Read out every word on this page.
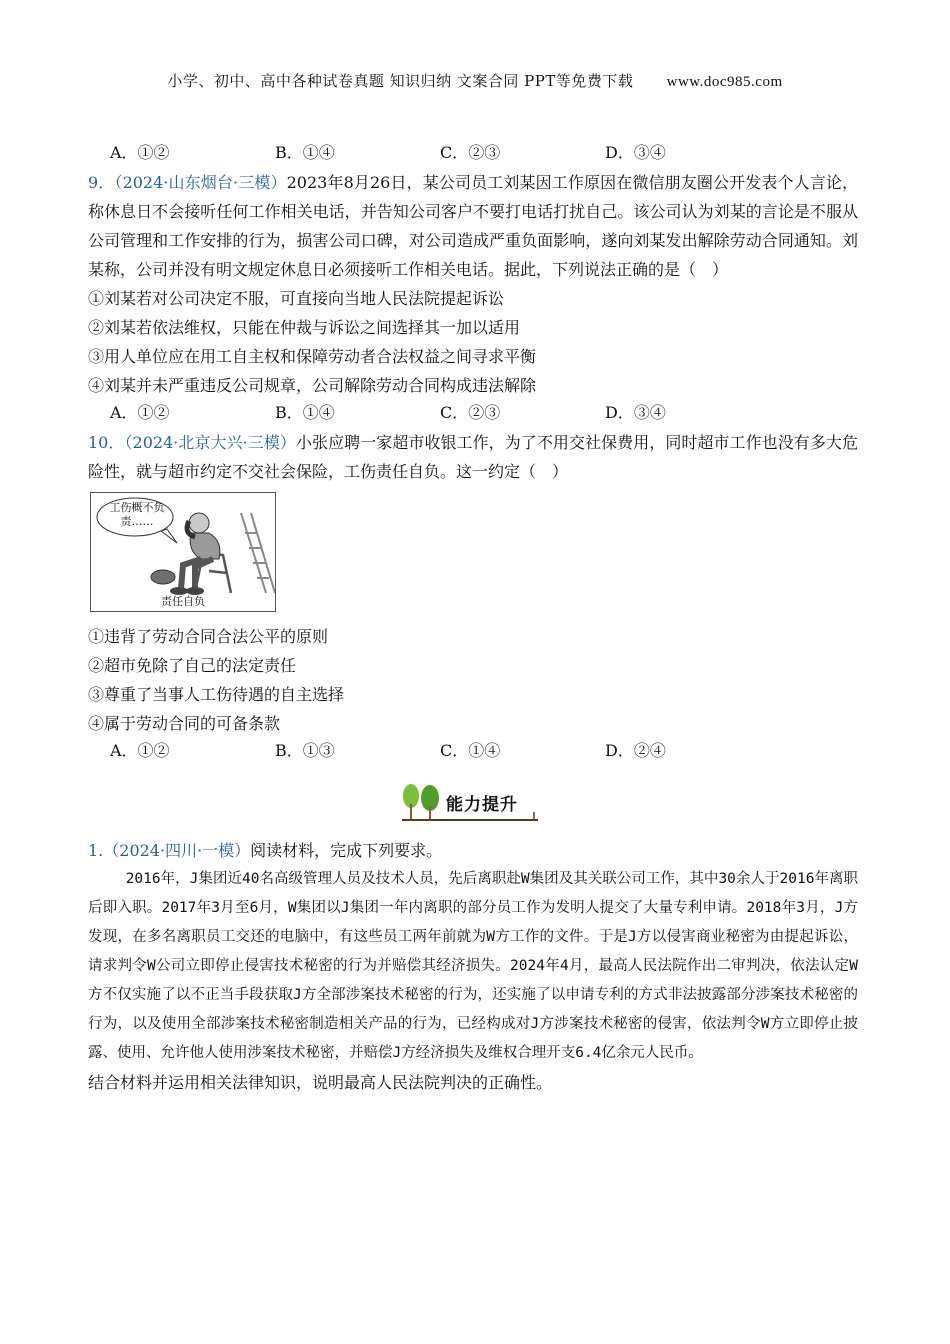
小学、初中、高中各种试卷真题 知识归纳 文案合同 PPT等免费下载 www.doc985.com
A．①②	B．①④	C．②③	D．③④

9．（2024·山东烟台·三模）2023年8月26日，某公司员工刘某因工作原因在微信朋友圈公开发表个人言论，称休息日不会接听任何工作相关电话，并告知公司客户不要打电话打扰自己。该公司认为刘某的言论是不服从公司管理和工作安排的行为，损害公司口碑，对公司造成严重负面影响，遂向刘某发出解除劳动合同通知。刘某称，公司并没有明文规定休息日必须接听工作相关电话。据此，下列说法正确的是（　）

①刘某若对公司决定不服，可直接向当地人民法院提起诉讼
②刘某若依法维权，只能在仲裁与诉讼之间选择其一加以适用
③用人单位应在用工自主权和保障劳动者合法权益之间寻求平衡
④刘某并未严重违反公司规章，公司解除劳动合同构成违法解除
A．①②	B．①④	C．②③	D．③④

10．（2024·北京大兴·三模）小张应聘一家超市收银工作，为了不用交社保费用，同时超市工作也没有多大危险性，就与超市约定不交社会保险，工伤责任自负。这一约定（　）

工伤概不负责……
责任自负
①违背了劳动合同合法公平的原则
②超市免除了自己的法定责任
③尊重了当事人工伤待遇的自主选择
④属于劳动合同的可备条款
A．①②	B．①③	C．①④	D．②④
能力提升

1.（2024·四川·一模）阅读材料，完成下列要求。

2016年，J集团近40名高级管理人员及技术人员，先后离职赴W集团及其关联公司工作，其中30余人于2016年离职后即入职。2017年3月至6月，W集团以J集团一年内离职的部分员工作为发明人提交了大量专利申请。2018年3月，J方发现，在多名离职员工交还的电脑中，有这些员工两年前就为W方工作的文件。于是J方以侵害商业秘密为由提起诉讼，请求判令W公司立即停止侵害技术秘密的行为并赔偿其经济损失。2024年4月，最高人民法院作出二审判决，依法认定W方不仅实施了以不正当手段获取J方全部涉案技术秘密的行为，还实施了以申请专利的方式非法披露部分涉案技术秘密的行为，以及使用全部涉案技术秘密制造相关产品的行为，已经构成对J方涉案技术秘密的侵害，依法判令W方立即停止披露、使用、允许他人使用涉案技术秘密，并赔偿J方经济损失及维权合理开支6.4亿余元人民币。

结合材料并运用相关法律知识，说明最高人民法院判决的正确性。
